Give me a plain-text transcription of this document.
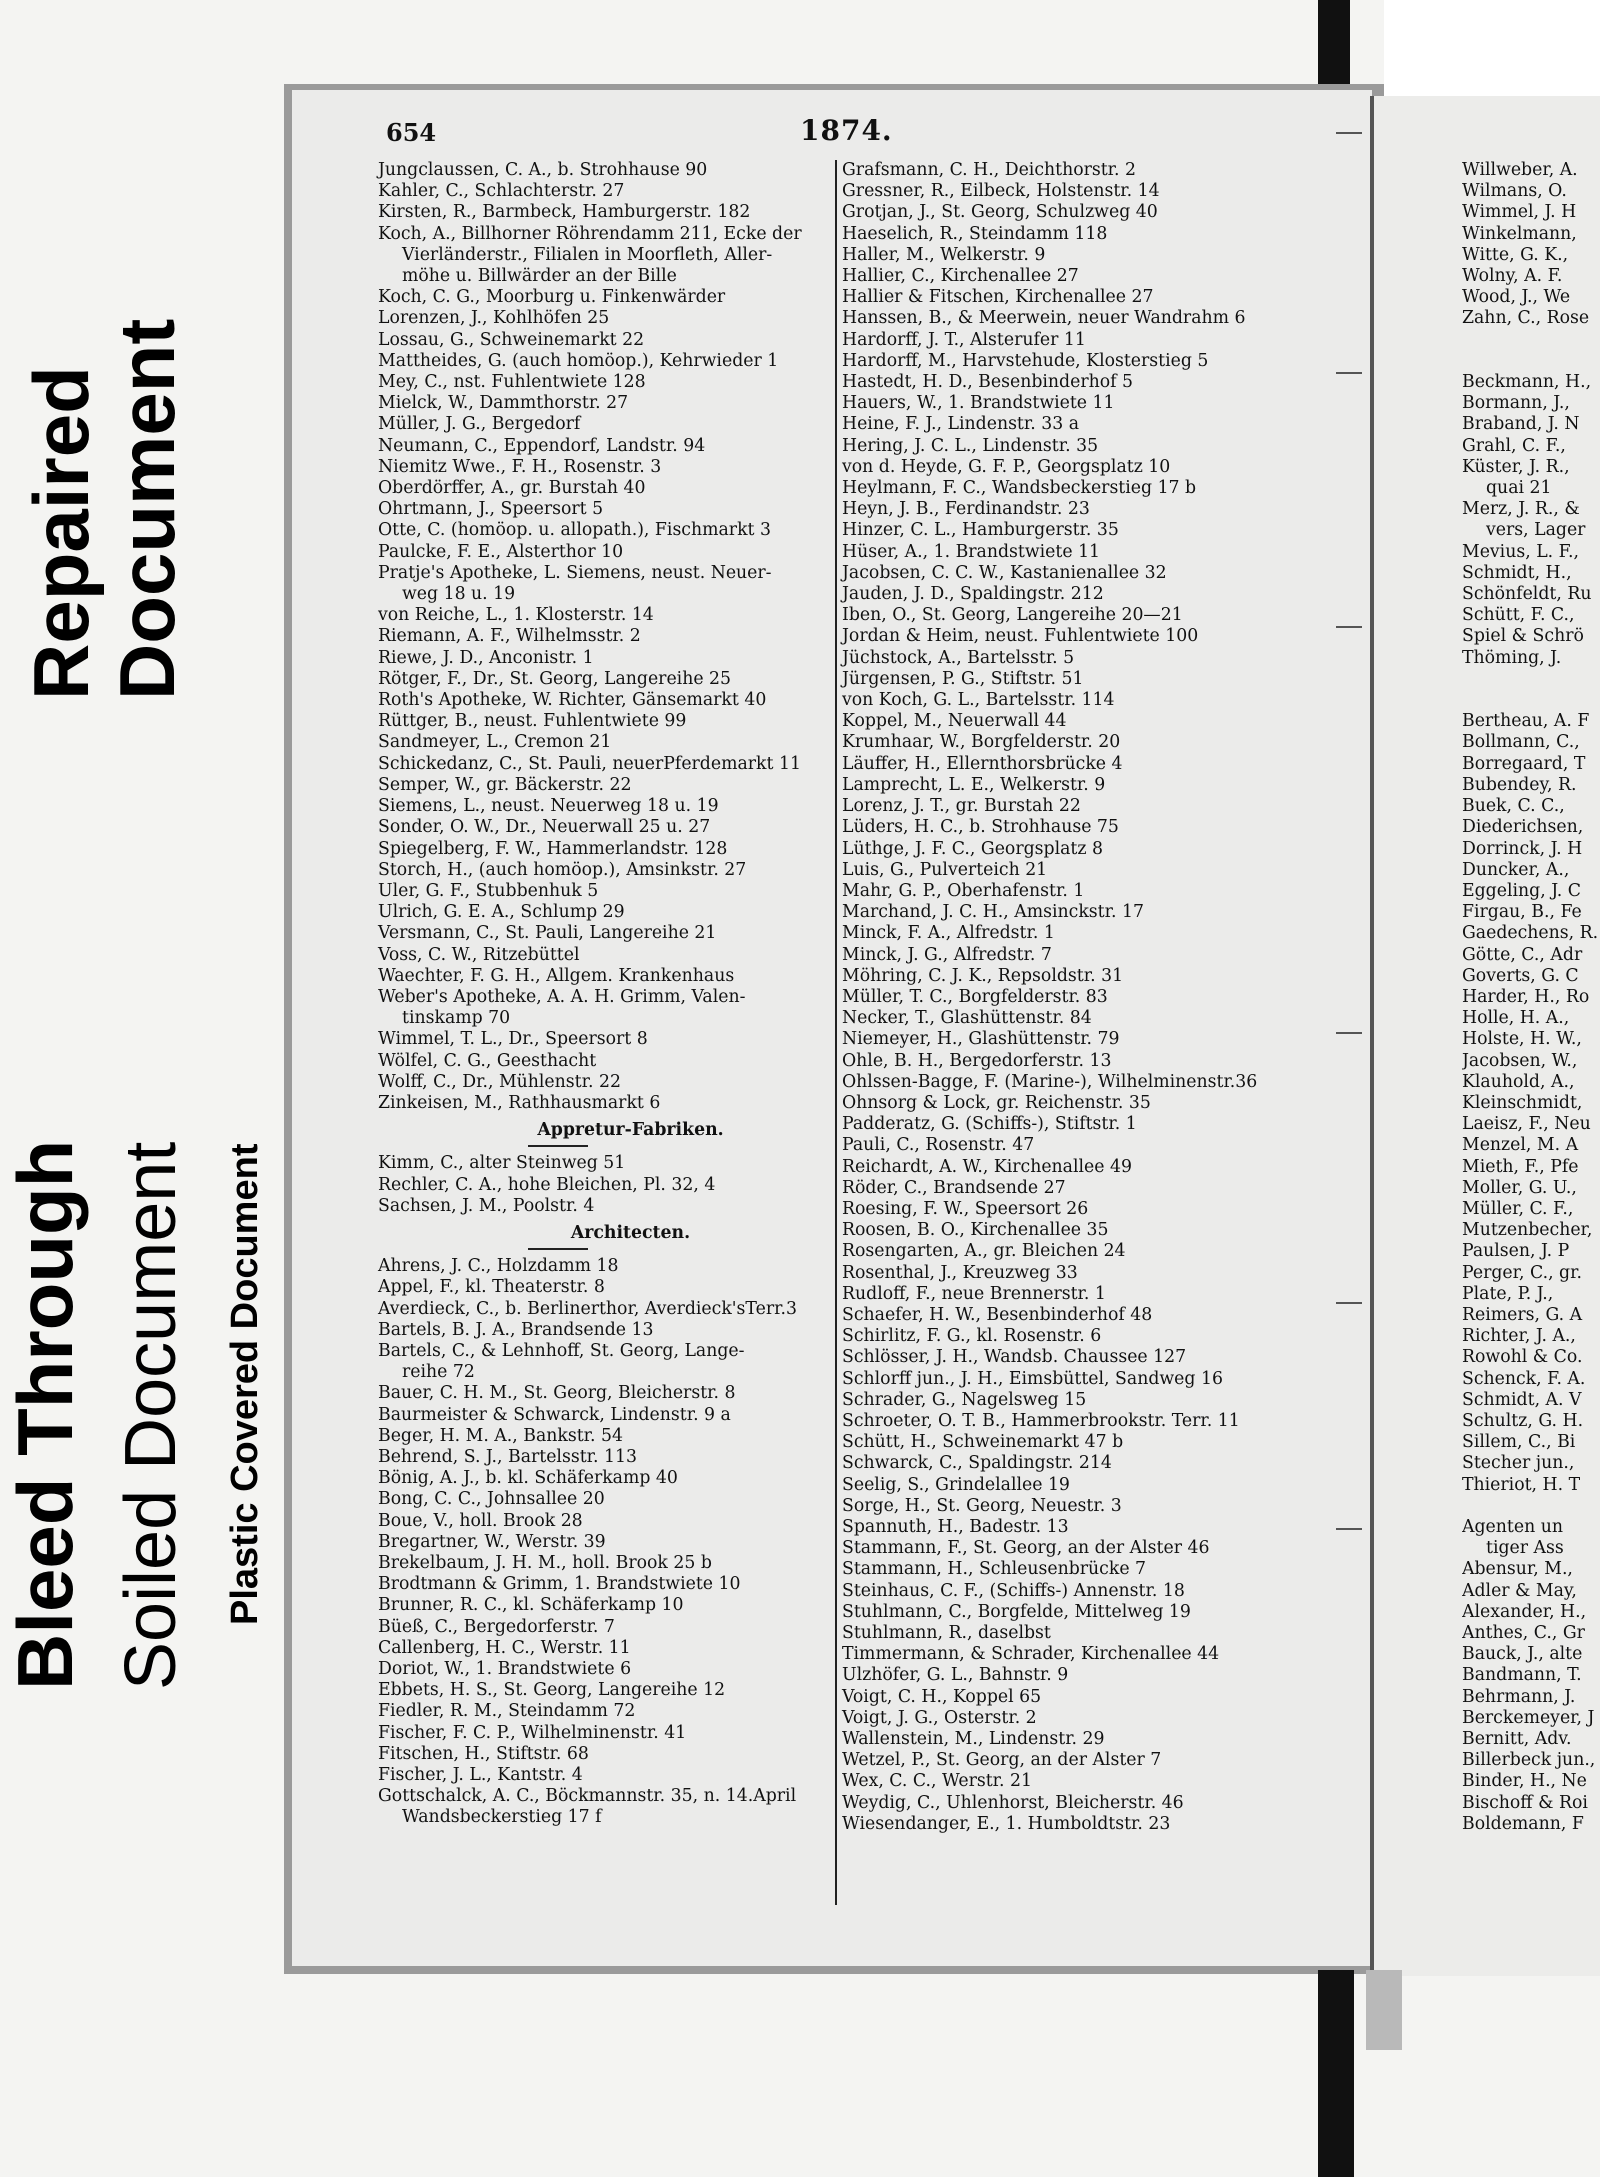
Repaired
Document
Bleed Through Soiled Document Plastic Covered Document
654	1874.
Jungclaussen, C. A., b. Strohhause 90
Kahler, C., Schlachterstr. 27
Kirsten, R., Barmbeck, Hamburgerstr. 182
Koch, A., Billhorner Röhrendamm 211, Ecke der
Vierländerstr., Filialen in Moorfleth, Aller-
möhe u. Billwärder an der Bille
Koch, C. G., Moorburg u. Finkenwärder
Lorenzen, J., Kohlhöfen 25
Lossau, G., Schweinemarkt 22
Mattheides, G. (auch homöop.), Kehrwieder 1
Mey, C., nst. Fuhlentwiete 128
Mielck, W., Dammthorstr. 27
Müller, J. G., Bergedorf
Neumann, C., Eppendorf, Landstr. 94
Niemitz Wwe., F. H., Rosenstr. 3
Oberdörffer, A., gr. Burstah 40
Ohrtmann, J., Speersort 5
Otte, C. (homöop. u. allopath.), Fischmarkt 3
Paulcke, F. E., Alsterthor 10
Pratje's Apotheke, L. Siemens, neust. Neuer-
weg 18 u. 19
von Reiche, L., 1. Klosterstr. 14
Riemann, A. F., Wilhelmsstr. 2
Riewe, J. D., Anconistr. 1
Rötger, F., Dr., St. Georg, Langereihe 25
Roth's Apotheke, W. Richter, Gänsemarkt 40
Rüttger, B., neust. Fuhlentwiete 99
Sandmeyer, L., Cremon 21
Schickedanz, C., St. Pauli, neuerPferdemarkt 11
Semper, W., gr. Bäckerstr. 22
Siemens, L., neust. Neuerweg 18 u. 19
Sonder, O. W., Dr., Neuerwall 25 u. 27
Spiegelberg, F. W., Hammerlandstr. 128
Storch, H., (auch homöop.), Amsinkstr. 27
Uler, G. F., Stubbenhuk 5
Ulrich, G. E. A., Schlump 29
Versmann, C., St. Pauli, Langereihe 21
Voss, C. W., Ritzebüttel
Waechter, F. G. H., Allgem. Krankenhaus
Weber's Apotheke, A. A. H. Grimm, Valen-
tinskamp 70
Wimmel, T. L., Dr., Speersort 8
Wölfel, C. G., Geesthacht
Wolff, C., Dr., Mühlenstr. 22
Zinkeisen, M., Rathhausmarkt 6
Appretur-Fabriken.
Kimm, C., alter Steinweg 51
Rechler, C. A., hohe Bleichen, Pl. 32, 4
Sachsen, J. M., Poolstr. 4
Architecten.
Ahrens, J. C., Holzdamm 18
Appel, F., kl. Theaterstr. 8
Averdieck, C., b. Berlinerthor, Averdieck'sTerr.3
Bartels, B. J. A., Brandsende 13
Bartels, C., & Lehnhoff, St. Georg, Lange-
reihe 72
Bauer, C. H. M., St. Georg, Bleicherstr. 8
Baurmeister & Schwarck, Lindenstr. 9 a
Beger, H. M. A., Bankstr. 54
Behrend, S. J., Bartelsstr. 113
Bönig, A. J., b. kl. Schäferkamp 40
Bong, C. C., Johnsallee 20
Boue, V., holl. Brook 28
Bregartner, W., Werstr. 39
Brekelbaum, J. H. M., holl. Brook 25 b
Brodtmann & Grimm, 1. Brandstwiete 10
Brunner, R. C., kl. Schäferkamp 10
Büeß, C., Bergedorferstr. 7
Callenberg, H. C., Werstr. 11
Doriot, W., 1. Brandstwiete 6
Ebbets, H. S., St. Georg, Langereihe 12
Fiedler, R. M., Steindamm 72
Fischer, F. C. P., Wilhelminenstr. 41
Fitschen, H., Stiftstr. 68
Fischer, J. L., Kantstr. 4
Gottschalck, A. C., Böckmannstr. 35, n. 14.April
Wandsbeckerstieg 17 f
Grafsmann, C. H., Deichthorstr. 2
Gressner, R., Eilbeck, Holstenstr. 14
Grotjan, J., St. Georg, Schulzweg 40
Haeselich, R., Steindamm 118
Haller, M., Welkerstr. 9
Hallier, C., Kirchenallee 27
Hallier & Fitschen, Kirchenallee 27
Hanssen, B., & Meerwein, neuer Wandrahm 6
Hardorff, J. T., Alsterufer 11
Hardorff, M., Harvstehude, Klosterstieg 5
Hastedt, H. D., Besenbinderhof 5
Hauers, W., 1. Brandstwiete 11
Heine, F. J., Lindenstr. 33 a
Hering, J. C. L., Lindenstr. 35
von d. Heyde, G. F. P., Georgsplatz 10
Heylmann, F. C., Wandsbeckerstieg 17 b
Heyn, J. B., Ferdinandstr. 23
Hinzer, C. L., Hamburgerstr. 35
Hüser, A., 1. Brandstwiete 11
Jacobsen, C. C. W., Kastanienallee 32
Jauden, J. D., Spaldingstr. 212
Iben, O., St. Georg, Langereihe 20—21
Jordan & Heim, neust. Fuhlentwiete 100
Jüchstock, A., Bartelsstr. 5
Jürgensen, P. G., Stiftstr. 51
von Koch, G. L., Bartelsstr. 114
Koppel, M., Neuerwall 44
Krumhaar, W., Borgfelderstr. 20
Läuffer, H., Ellernthorsbrücke 4
Lamprecht, L. E., Welkerstr. 9
Lorenz, J. T., gr. Burstah 22
Lüders, H. C., b. Strohhause 75
Lüthge, J. F. C., Georgsplatz 8
Luis, G., Pulverteich 21
Mahr, G. P., Oberhafenstr. 1
Marchand, J. C. H., Amsinckstr. 17
Minck, F. A., Alfredstr. 1
Minck, J. G., Alfredstr. 7
Möhring, C. J. K., Repsoldstr. 31
Müller, T. C., Borgfelderstr. 83
Necker, T., Glashüttenstr. 84
Niemeyer, H., Glashüttenstr. 79
Ohle, B. H., Bergedorferstr. 13
Ohlssen-Bagge, F. (Marine-), Wilhelminenstr.36
Ohnsorg & Lock, gr. Reichenstr. 35
Padderatz, G. (Schiffs-), Stiftstr. 1
Pauli, C., Rosenstr. 47
Reichardt, A. W., Kirchenallee 49
Röder, C., Brandsende 27
Roesing, F. W., Speersort 26
Roosen, B. O., Kirchenallee 35
Rosengarten, A., gr. Bleichen 24
Rosenthal, J., Kreuzweg 33
Rudloff, F., neue Brennerstr. 1
Schaefer, H. W., Besenbinderhof 48
Schirlitz, F. G., kl. Rosenstr. 6
Schlösser, J. H., Wandsb. Chaussee 127
Schlorff jun., J. H., Eimsbüttel, Sandweg 16
Schrader, G., Nagelsweg 15
Schroeter, O. T. B., Hammerbrookstr. Terr. 11
Schütt, H., Schweinemarkt 47 b
Schwarck, C., Spaldingstr. 214
Seelig, S., Grindelallee 19
Sorge, H., St. Georg, Neuestr. 3
Spannuth, H., Badestr. 13
Stammann, F., St. Georg, an der Alster 46
Stammann, H., Schleusenbrücke 7
Steinhaus, C. F., (Schiffs-) Annenstr. 18
Stuhlmann, C., Borgfelde, Mittelweg 19
Stuhlmann, R., daselbst
Timmermann, & Schrader, Kirchenallee 44
Ulzhöfer, G. L., Bahnstr. 9
Voigt, C. H., Koppel 65
Voigt, J. G., Osterstr. 2
Wallenstein, M., Lindenstr. 29
Wetzel, P., St. Georg, an der Alster 7
Wex, C. C., Werstr. 21
Weydig, C., Uhlenhorst, Bleicherstr. 46
Wiesendanger, E., 1. Humboldtstr. 23
Willweber, A.
Wilmans, O.
Wimmel, J. H
Winkelmann,
Witte, G. K.,
Wolny, A. F.
Wood, J., We
Zahn, C., Rose

Beckmann, H.,
Bormann, J.,
Braband, J. N
Grahl, C. F.,
Küster, J. R.,
quai 21
Merz, J. R., &
vers, Lager
Mevius, L. F.,
Schmidt, H.,
Schönfeldt, Ru
Schütt, F. C.,
Spiel & Schrö
Thöming, J.

Bertheau, A. F
Bollmann, C.,
Borregaard, T
Bubendey, R.
Buek, C. C.,
Diederichsen,
Dorrinck, J. H
Duncker, A.,
Eggeling, J. C
Firgau, B., Fe
Gaedechens, R.
Götte, C., Adr
Goverts, G. C
Harder, H., Ro
Holle, H. A.,
Holste, H. W.,
Jacobsen, W.,
Klauhold, A.,
Kleinschmidt,
Laeisz, F., Neu
Menzel, M. A
Mieth, F., Pfe
Moller, G. U.,
Müller, C. F.,
Mutzenbecher,
Paulsen, J. P
Perger, C., gr.
Plate, P. J.,
Reimers, G. A
Richter, J. A.,
Rowohl & Co.
Schenck, F. A.
Schmidt, A. V
Schultz, G. H.
Sillem, C., Bi
Stecher jun.,
Thieriot, H. T

Agenten un
tiger Ass
Abensur, M.,
Adler & May,
Alexander, H.,
Anthes, C., Gr
Bauck, J., alte
Bandmann, T.
Behrmann, J.
Berckemeyer, J
Bernitt, Adv.
Billerbeck jun.,
Binder, H., Ne
Bischoff & Roi
Boldemann, F
